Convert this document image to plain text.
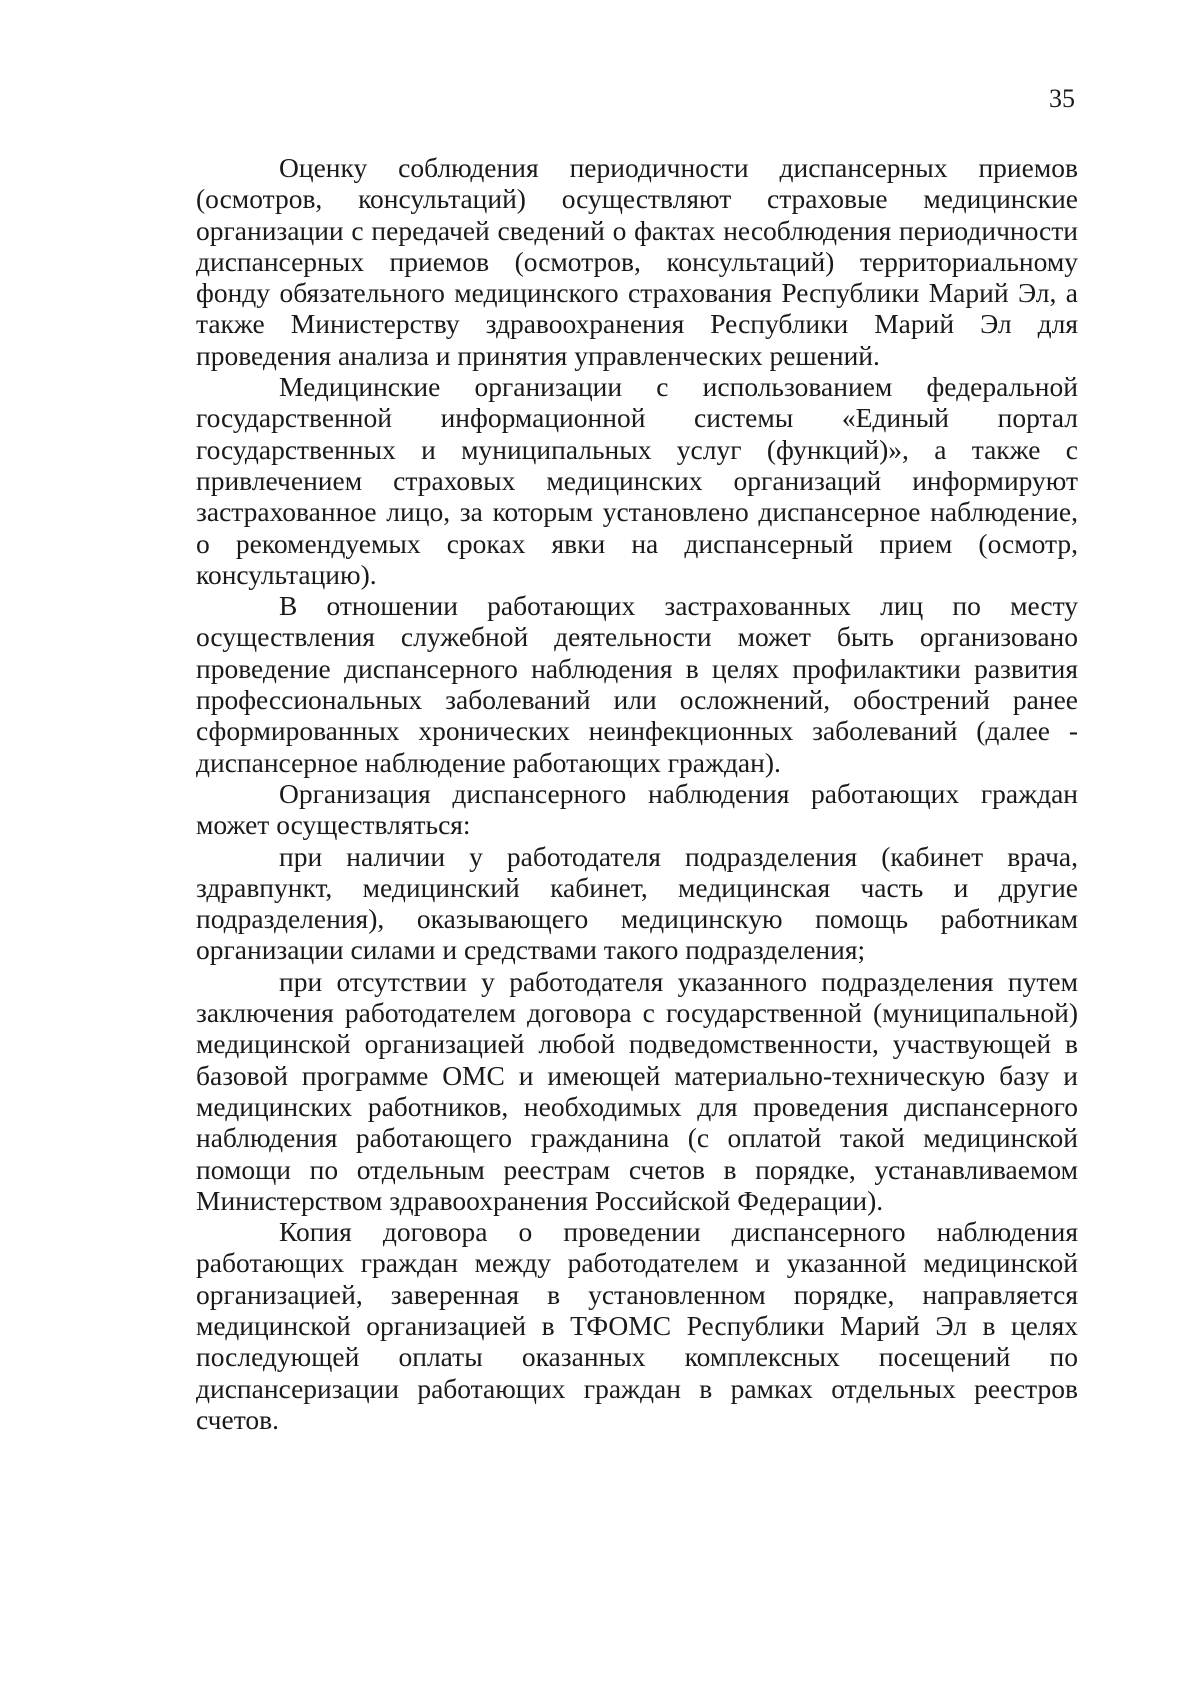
35

Оценку соблюдения периодичности диспансерных приемов (осмотров, консультаций) осуществляют страховые медицинские организации с передачей сведений о фактах несоблюдения периодичности диспансерных приемов (осмотров, консультаций) территориальному фонду обязательного медицинского страхования Республики Марий Эл, а также Министерству здравоохранения Республики Марий Эл для проведения анализа и принятия управленческих решений.

Медицинские организации с использованием федеральной государственной информационной системы «Единый портал государственных и муниципальных услуг (функций)», а также с привлечением страховых медицинских организаций информируют застрахованное лицо, за которым установлено диспансерное наблюдение, о рекомендуемых сроках явки на диспансерный прием (осмотр, консультацию).

В отношении работающих застрахованных лиц по месту осуществления служебной деятельности может быть организовано проведение диспансерного наблюдения в целях профилактики развития профессиональных заболеваний или осложнений, обострений ранее сформированных хронических неинфекционных заболеваний (далее - диспансерное наблюдение работающих граждан).

Организация диспансерного наблюдения работающих граждан может осуществляться:

при наличии у работодателя подразделения (кабинет врача, здравпункт, медицинский кабинет, медицинская часть и другие подразделения), оказывающего медицинскую помощь работникам организации силами и средствами такого подразделения;

при отсутствии у работодателя указанного подразделения путем заключения работодателем договора с государственной (муниципальной) медицинской организацией любой подведомственности, участвующей в базовой программе ОМС и имеющей материально-техническую базу и медицинских работников, необходимых для проведения диспансерного наблюдения работающего гражданина (с оплатой такой медицинской помощи по отдельным реестрам счетов в порядке, устанавливаемом Министерством здравоохранения Российской Федерации).

Копия договора о проведении диспансерного наблюдения работающих граждан между работодателем и указанной медицинской организацией, заверенная в установленном порядке, направляется медицинской организацией в ТФОМС Республики Марий Эл в целях последующей оплаты оказанных комплексных посещений по диспансеризации работающих граждан в рамках отдельных реестров счетов.
